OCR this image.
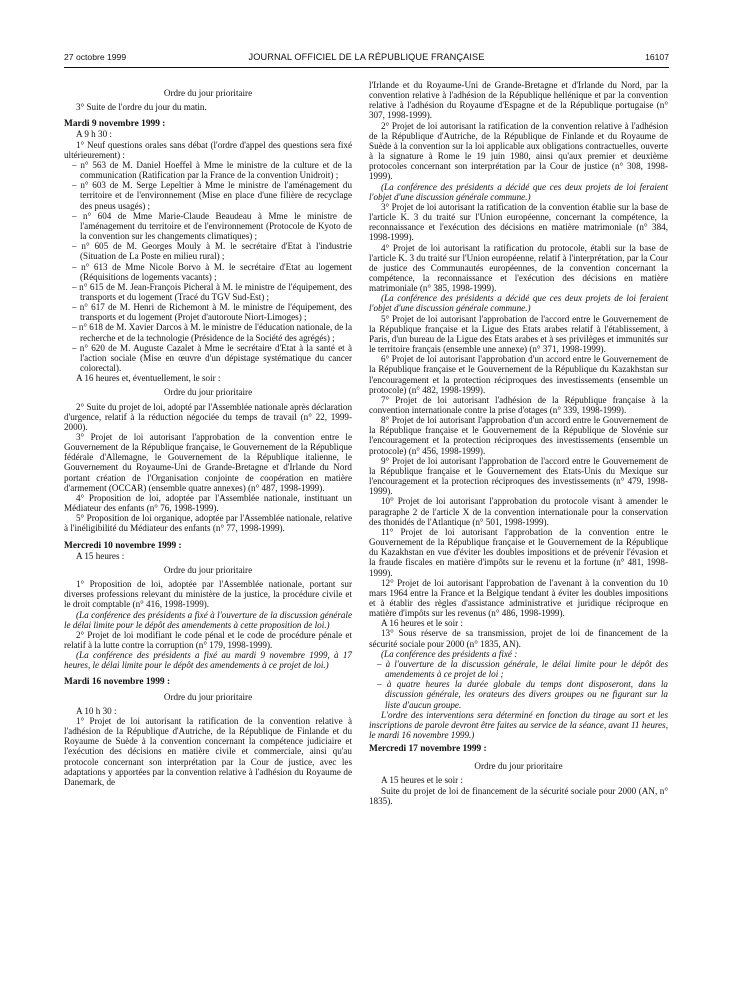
27 octobre 1999	JOURNAL OFFICIEL DE LA RÉPUBLIQUE FRANÇAISE	16107
Ordre du jour prioritaire
3° Suite de l'ordre du jour du matin.
Mardi 9 novembre 1999 :
A 9 h 30 :
1° Neuf questions orales sans débat (l'ordre d'appel des questions sera fixé ultérieurement) :
– n° 563 de M. Daniel Hoeffel à Mme le ministre de la culture et de la communication (Ratification par la France de la convention Unidroit) ;
– n° 603 de M. Serge Lepeltier à Mme le ministre de l'aménagement du territoire et de l'environnement (Mise en place d'une filière de recyclage des pneus usagés) ;
– n° 604 de Mme Marie-Claude Beaudeau à Mme le ministre de l'aménagement du territoire et de l'environnement (Protocole de Kyoto de la convention sur les changements climatiques) ;
– n° 605 de M. Georges Mouly à M. le secrétaire d'Etat à l'industrie (Situation de La Poste en milieu rural) ;
– n° 613 de Mme Nicole Borvo à M. le secrétaire d'Etat au logement (Réquisitions de logements vacants) ;
– n° 615 de M. Jean-François Picheral à M. le ministre de l'équipement, des transports et du logement (Tracé du TGV Sud-Est) ;
– n° 617 de M. Henri de Richemont à M. le ministre de l'équipement, des transports et du logement (Projet d'autoroute Niort-Limoges) ;
– n° 618 de M. Xavier Darcos à M. le ministre de l'éducation nationale, de la recherche et de la technologie (Présidence de la Société des agrégés) ;
– n° 620 de M. Auguste Cazalet à Mme le secrétaire d'Etat à la santé et à l'action sociale (Mise en œuvre d'un dépistage systématique du cancer colorectal).
A 16 heures et, éventuellement, le soir :
Ordre du jour prioritaire
2° Suite du projet de loi, adopté par l'Assemblée nationale après déclaration d'urgence, relatif à la réduction négociée du temps de travail (n° 22, 1999-2000).
3° Projet de loi autorisant l'approbation de la convention entre le Gouvernement de la République française, le Gouvernement de la République fédérale d'Allemagne, le Gouvernement de la République italienne, le Gouvernement du Royaume-Uni de Grande-Bretagne et d'Irlande du Nord portant création de l'Organisation conjointe de coopération en matière d'armement (OCCAR) (ensemble quatre annexes) (n° 487, 1998-1999).
4° Proposition de loi, adoptée par l'Assemblée nationale, instituant un Médiateur des enfants (n° 76, 1998-1999).
5° Proposition de loi organique, adoptée par l'Assemblée nationale, relative à l'inéligibilité du Médiateur des enfants (n° 77, 1998-1999).
Mercredi 10 novembre 1999 :
A 15 heures :
Ordre du jour prioritaire
1° Proposition de loi, adoptée par l'Assemblée nationale, portant sur diverses professions relevant du ministère de la justice, la procédure civile et le droit comptable (n° 416, 1998-1999).
(La conférence des présidents a fixé à l'ouverture de la discussion générale le délai limite pour le dépôt des amendements à cette proposition de loi.)
2° Projet de loi modifiant le code pénal et le code de procédure pénale et relatif à la lutte contre la corruption (n° 179, 1998-1999).
(La conférence des présidents a fixé au mardi 9 novembre 1999, à 17 heures, le délai limite pour le dépôt des amendements à ce projet de loi.)
Mardi 16 novembre 1999 :
Ordre du jour prioritaire
A 10 h 30 :
1° Projet de loi autorisant la ratification de la convention relative à l'adhésion de la République d'Autriche, de la République de Finlande et du Royaume de Suède à la convention concernant la compétence judiciaire et l'exécution des décisions en matière civile et commerciale, ainsi qu'au protocole concernant son interprétation par la Cour de justice, avec les adaptations y apportées par la convention relative à l'adhésion du Royaume de Danemark, de
l'Irlande et du Royaume-Uni de Grande-Bretagne et d'Irlande du Nord, par la convention relative à l'adhésion de la République hellénique et par la convention relative à l'adhésion du Royaume d'Espagne et de la République portugaise (n° 307, 1998-1999).
2° Projet de loi autorisant la ratification de la convention relative à l'adhésion de la République d'Autriche, de la République de Finlande et du Royaume de Suède à la convention sur la loi applicable aux obligations contractuelles, ouverte à la signature à Rome le 19 juin 1980, ainsi qu'aux premier et deuxième protocoles concernant son interprétation par la Cour de justice (n° 308, 1998-1999).
(La conférence des présidents a décidé que ces deux projets de loi feraient l'objet d'une discussion générale commune.)
3° Projet de loi autorisant la ratification de la convention établie sur la base de l'article K. 3 du traité sur l'Union européenne, concernant la compétence, la reconnaissance et l'exécution des décisions en matière matrimoniale (n° 384, 1998-1999).
4° Projet de loi autorisant la ratification du protocole, établi sur la base de l'article K. 3 du traité sur l'Union européenne, relatif à l'interprétation, par la Cour de justice des Communautés européennes, de la convention concernant la compétence, la reconnaissance et l'exécution des décisions en matière matrimoniale (n° 385, 1998-1999).
(La conférence des présidents a décidé que ces deux projets de loi feraient l'objet d'une discussion générale commune.)
5° Projet de loi autorisant l'approbation de l'accord entre le Gouvernement de la République française et la Ligue des Etats arabes relatif à l'établissement, à Paris, d'un bureau de la Ligue des Etats arabes et à ses privilèges et immunités sur le territoire français (ensemble une annexe) (n° 371, 1998-1999).
6° Projet de loi autorisant l'approbation d'un accord entre le Gouvernement de la République française et le Gouvernement de la République du Kazakhstan sur l'encouragement et la protection réciproques des investissements (ensemble un protocole) (n° 482, 1998-1999).
7° Projet de loi autorisant l'adhésion de la République française à la convention internationale contre la prise d'otages (n° 339, 1998-1999).
8° Projet de loi autorisant l'approbation d'un accord entre le Gouvernement de la République française et le Gouvernement de la République de Slovénie sur l'encouragement et la protection réciproques des investissements (ensemble un protocole) (n° 456, 1998-1999).
9° Projet de loi autorisant l'approbation de l'accord entre le Gouvernement de la République française et le Gouvernement des Etats-Unis du Mexique sur l'encouragement et la protection réciproques des investissements (n° 479, 1998-1999).
10° Projet de loi autorisant l'approbation du protocole visant à amender le paragraphe 2 de l'article X de la convention internationale pour la conservation des thonidés de l'Atlantique (n° 501, 1998-1999).
11° Projet de loi autorisant l'approbation de la convention entre le Gouvernement de la République française et le Gouvernement de la République du Kazakhstan en vue d'éviter les doubles impositions et de prévenir l'évasion et la fraude fiscales en matière d'impôts sur le revenu et la fortune (n° 481, 1998-1999).
12° Projet de loi autorisant l'approbation de l'avenant à la convention du 10 mars 1964 entre la France et la Belgique tendant à éviter les doubles impositions et à établir des règles d'assistance administrative et juridique réciproque en matière d'impôts sur les revenus (n° 486, 1998-1999).
A 16 heures et le soir :
13° Sous réserve de sa transmission, projet de loi de financement de la sécurité sociale pour 2000 (n° 1835, AN).
(La conférence des présidents a fixé :
– à l'ouverture de la discussion générale, le délai limite pour le dépôt des amendements à ce projet de loi ;
– à quatre heures la durée globale du temps dont disposeront, dans la discussion générale, les orateurs des divers groupes ou ne figurant sur la liste d'aucun groupe.
L'ordre des interventions sera déterminé en fonction du tirage au sort et les inscriptions de parole devront être faites au service de la séance, avant 11 heures, le mardi 16 novembre 1999.)
Mercredi 17 novembre 1999 :
Ordre du jour prioritaire
A 15 heures et le soir :
Suite du projet de loi de financement de la sécurité sociale pour 2000 (AN, n° 1835).
